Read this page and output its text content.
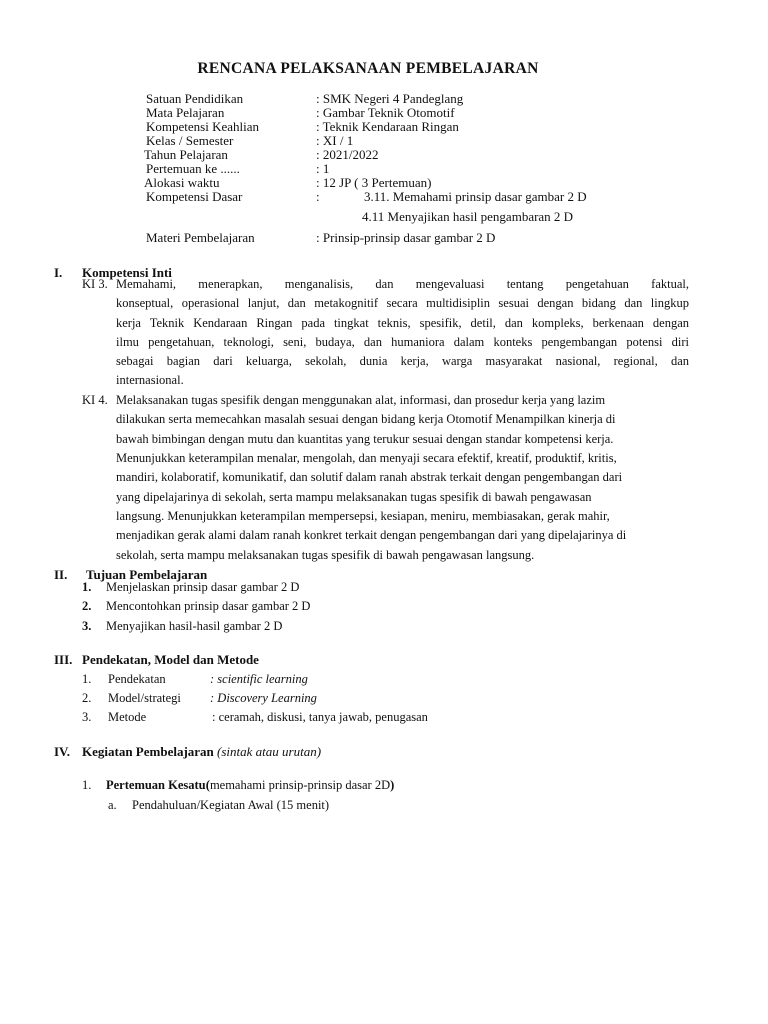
RENCANA PELAKSANAAN PEMBELAJARAN
Satuan Pendidikan	: SMK Negeri 4 Pandeglang
Mata Pelajaran	: Gambar Teknik Otomotif
Kompetensi Keahlian	: Teknik Kendaraan Ringan
Kelas / Semester	: XI / 1
Tahun Pelajaran	: 2021/2022
Pertemuan ke ......	: 1
Alokasi waktu	: 12 JP ( 3 Pertemuan)
Kompetensi Dasar	:	3.11. Memahami prinsip dasar gambar 2 D
4.11 Menyajikan hasil pengambaran 2 D
Materi Pembelajaran	: Prinsip-prinsip dasar gambar 2 D
I. Kompetensi Inti
KI 3. Memahami, menerapkan, menganalisis, dan mengevaluasi tentang pengetahuan faktual,
konseptual, operasional lanjut, dan metakognitif secara multidisiplin sesuai dengan bidang dan lingkup
kerja Teknik Kendaraan Ringan pada tingkat teknis, spesifik, detil, dan kompleks, berkenaan dengan
ilmu pengetahuan, teknologi, seni, budaya, dan humaniora dalam konteks pengembangan potensi diri
sebagai bagian dari keluarga, sekolah, dunia kerja, warga masyarakat nasional, regional, dan
internasional.
KI 4. Melaksanakan tugas spesifik dengan menggunakan alat, informasi, dan prosedur kerja yang lazim
dilakukan serta memecahkan masalah sesuai dengan bidang kerja Otomotif Menampilkan kinerja di
bawah bimbingan dengan mutu dan kuantitas yang terukur sesuai dengan standar kompetensi kerja.
Menunjukkan keterampilan menalar, mengolah, dan menyaji secara efektif, kreatif, produktif, kritis,
mandiri, kolaboratif, komunikatif, dan solutif dalam ranah abstrak terkait dengan pengembangan dari
yang dipelajarinya di sekolah, serta mampu melaksanakan tugas spesifik di bawah pengawasan
langsung. Menunjukkan keterampilan mempersepsi, kesiapan, meniru, membiasakan, gerak mahir,
menjadikan gerak alami dalam ranah konkret terkait dengan pengembangan dari yang dipelajarinya di
sekolah, serta mampu melaksanakan tugas spesifik di bawah pengawasan langsung.
II. Tujuan Pembelajaran
1. Menjelaskan prinsip dasar gambar 2 D
2. Mencontohkan prinsip dasar gambar 2 D
3. Menyajikan hasil-hasil gambar 2 D
III. Pendekatan, Model dan Metode
1. Pendekatan	: scientific learning
2. Model/strategi : Discovery Learning
3. Metode	: ceramah, diskusi, tanya jawab, penugasan
IV. Kegiatan Pembelajaran (sintak atau urutan)
1. Pertemuan Kesatu (memahami prinsip-prinsip dasar 2D)
a. Pendahuluan/Kegiatan Awal (15 menit)
